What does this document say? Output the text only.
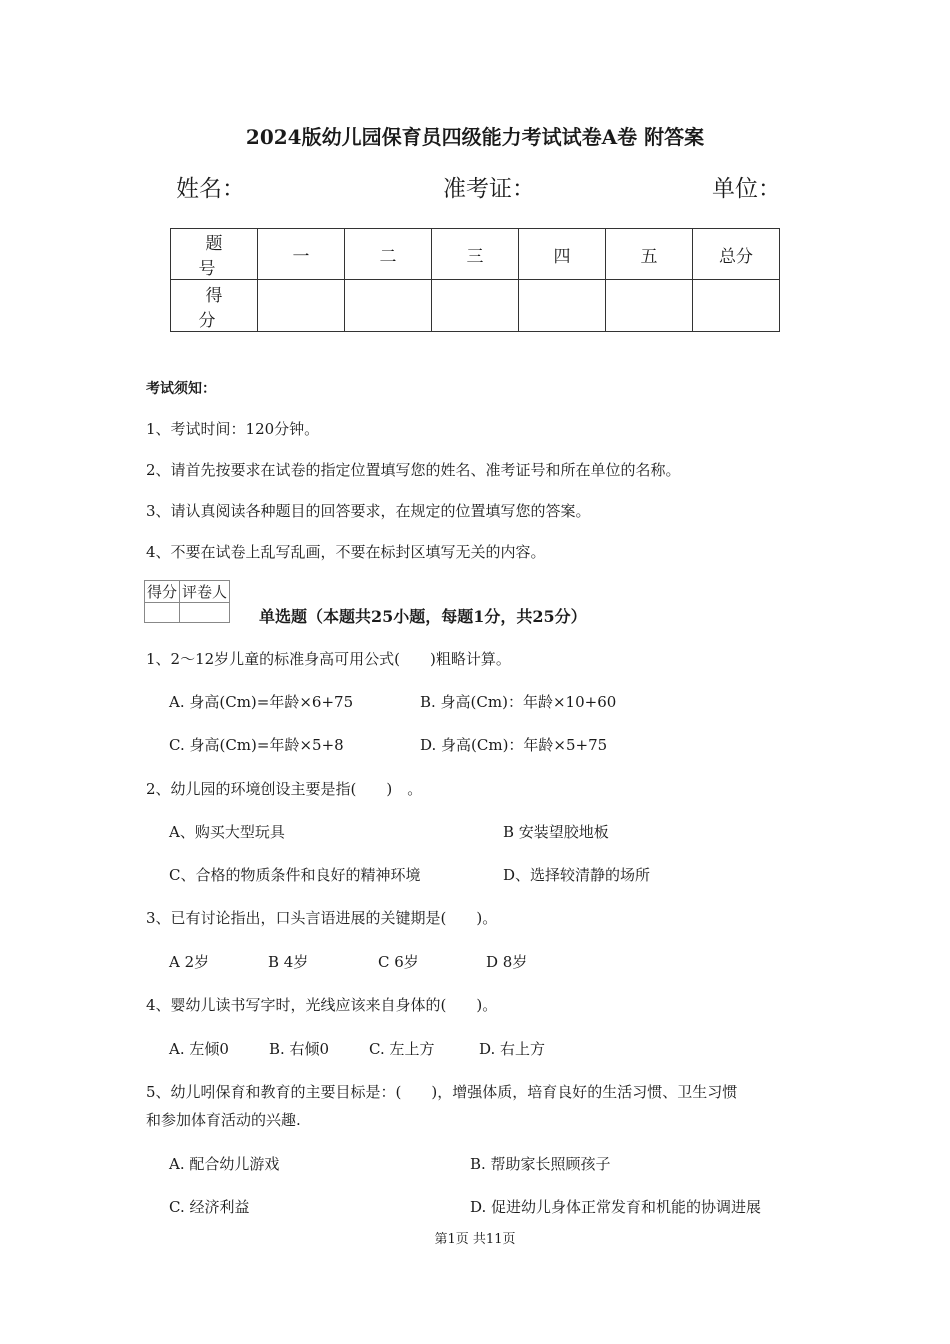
2024版幼儿园保育员四级能力考试试卷A卷 附答案
姓名：	准考证：	单位：
题　号	一	二	三	四	五	总分
得　分						
考试须知：
1、考试时间：120分钟。
2、请首先按要求在试卷的指定位置填写您的姓名、准考证号和所在单位的名称。
3、请认真阅读各种题目的回答要求，在规定的位置填写您的答案。
4、不要在试卷上乱写乱画，不要在标封区填写无关的内容。
得分	评卷人

单选题（本题共25小题，每题1分，共25分）
1、2～12岁儿童的标准身高可用公式(　　)粗略计算。
A. 身高(Cm)=年龄×6+75	B. 身高(Cm)：年龄×10+60
C. 身高(Cm)=年龄×5+8	D. 身高(Cm)：年龄×5+75
2、幼儿园的环境创设主要是指(　　)　。
A、购买大型玩具	B 安装望胶地板
C、合格的物质条件和良好的精神环境	D、选择较清静的场所
3、已有讨论指出，口头言语进展的关键期是(　　)。
A 2岁	B 4岁	C 6岁	D 8岁
4、婴幼儿读书写字时，光线应该来自身体的(　　)。
A. 左倾0	B. 右倾0	C. 左上方	D. 右上方
5、幼儿吲保育和教育的主要目标是：(　　)，增强体质，培育良好的生活习惯、卫生习惯
和参加体育活动的兴趣.
A. 配合幼儿游戏	B. 帮助家长照顾孩子
C. 经济利益	D. 促进幼儿身体正常发育和机能的协调进展
第1页 共11页
